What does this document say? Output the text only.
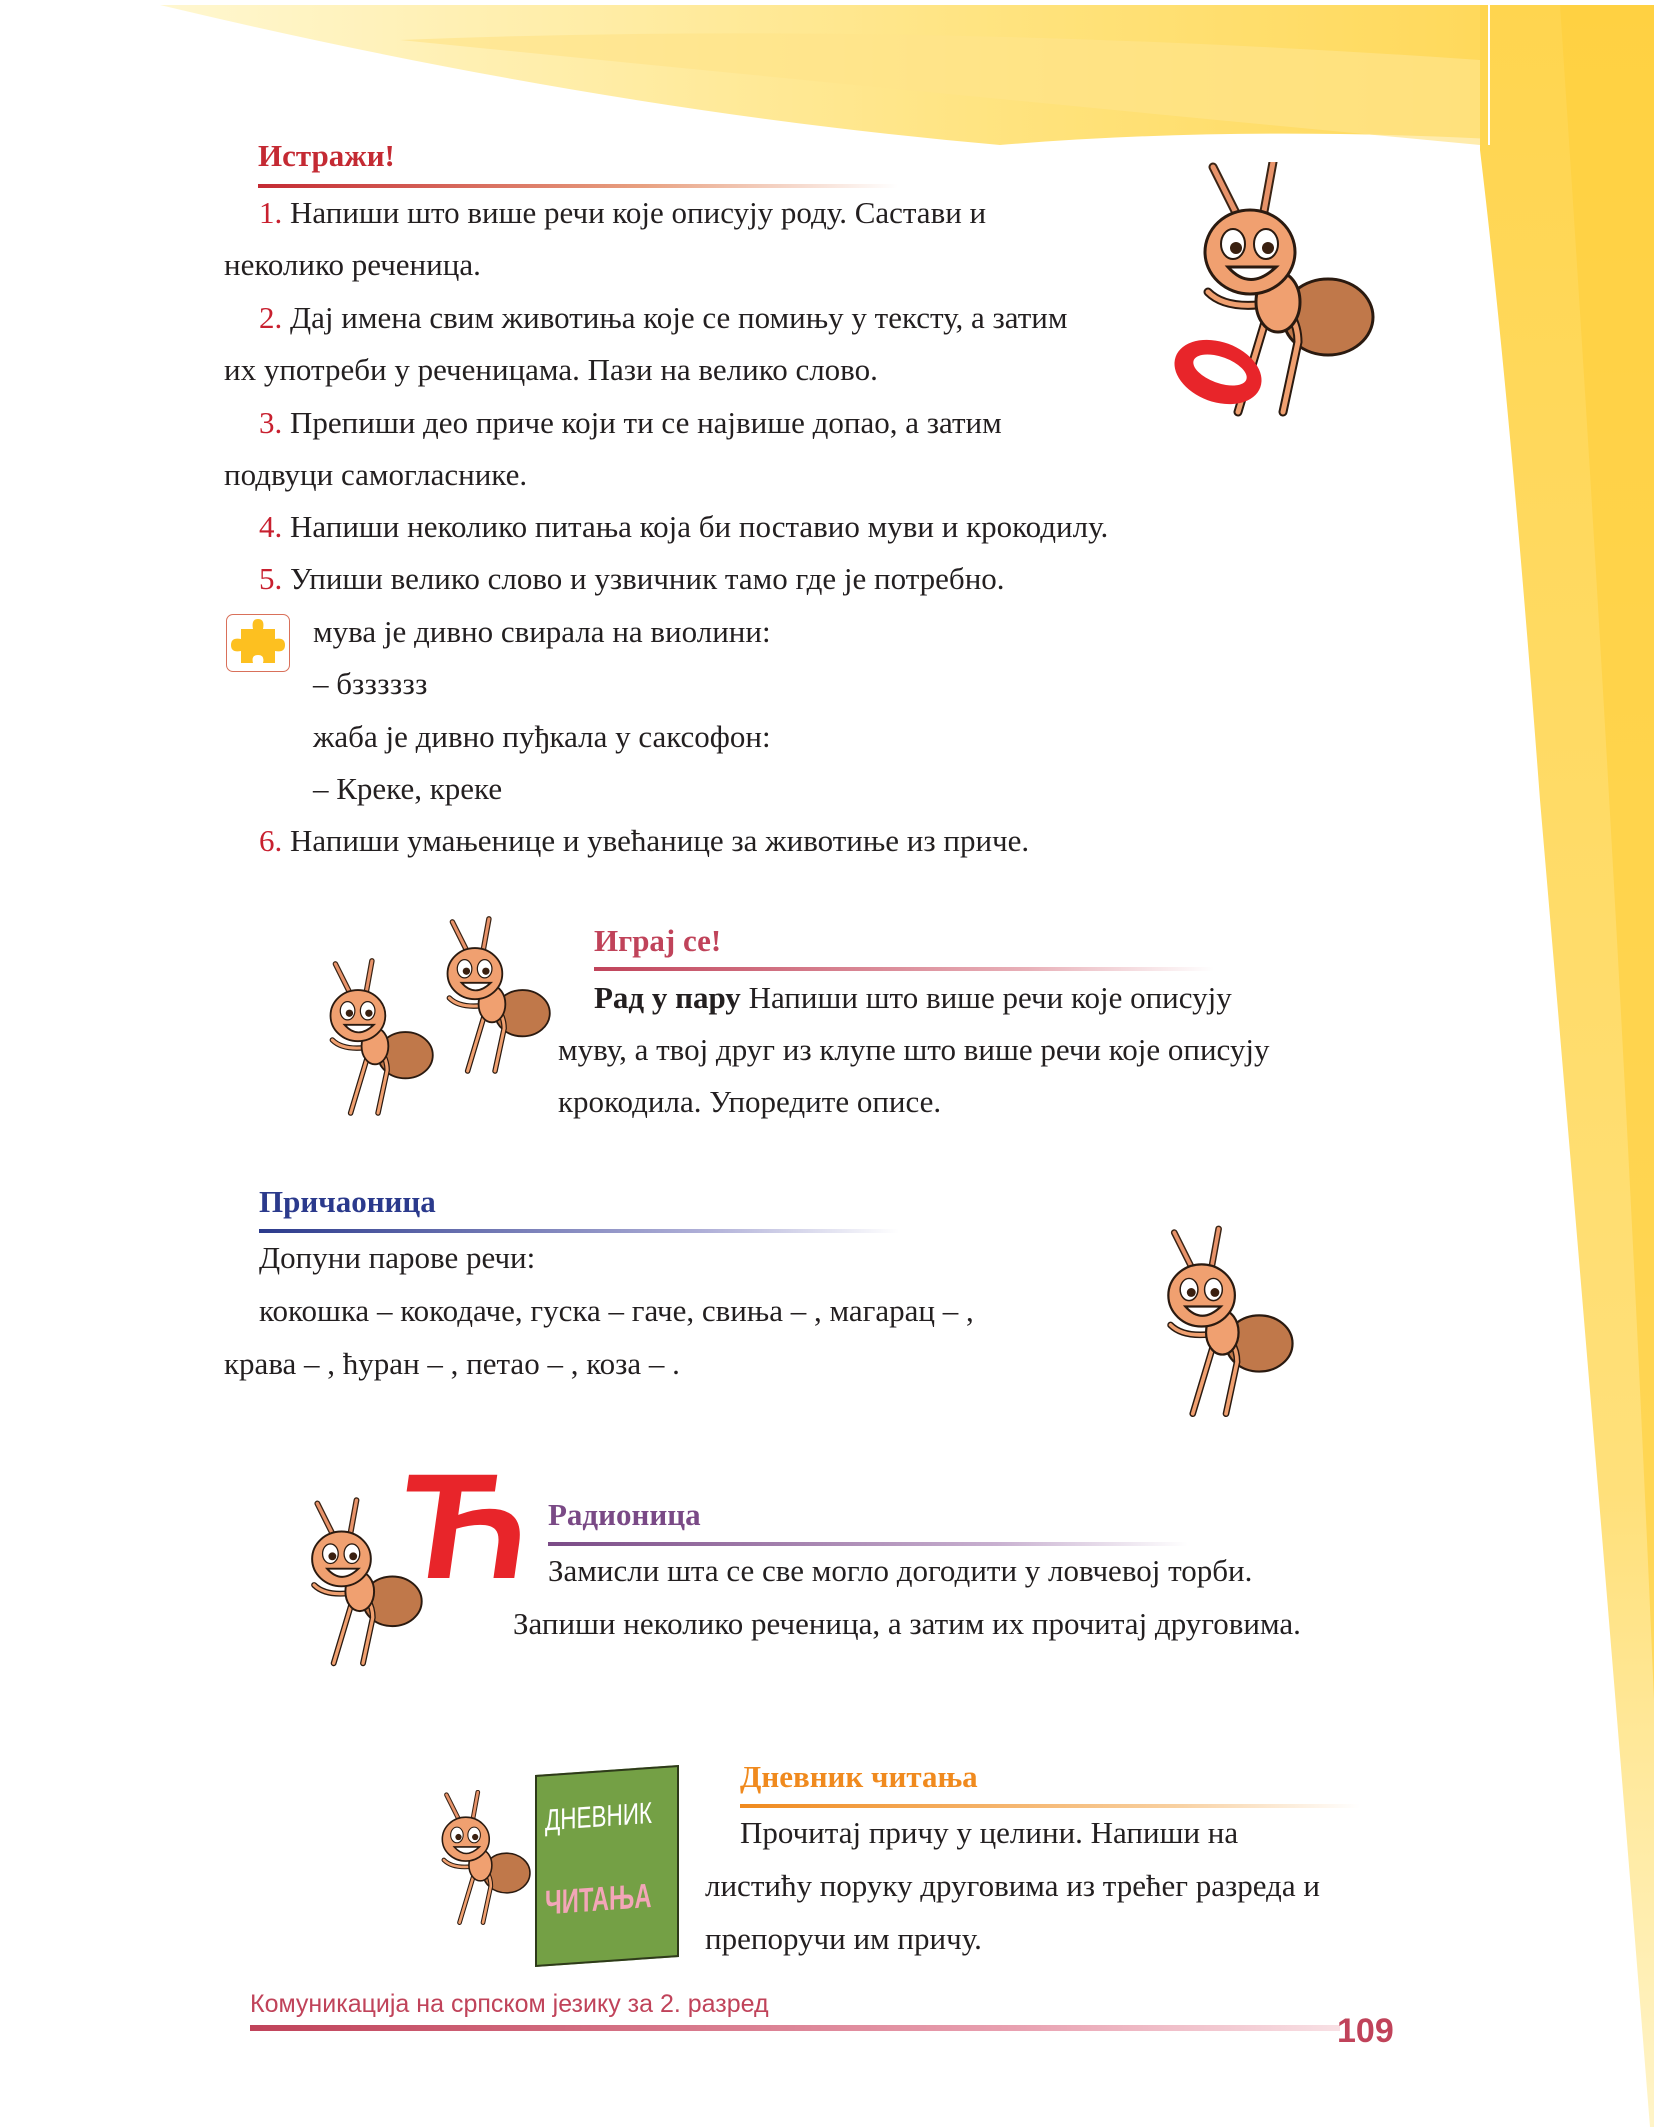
Истражи!
1. Напиши што више речи које описују роду. Састави и
неколико реченица.
2. Дај имена свим животиња које се помињу у тексту, а затим
их употреби у реченицама. Пази на велико слово.
3. Препиши део приче који ти се највише допао, а затим
подвуци самогласнике.
4. Напиши неколико питања која би поставио муви и крокодилу.
5. Упиши велико слово и узвичник тамо где је потребно.
мува је дивно свирала на виолини:
– бзззззз
жаба је дивно пуђкала у саксофон:
– Креке, креке
6. Напиши умањенице и увећанице за животиње из приче.
Играј се!
Рад у пару Напиши што више речи које описују
муву, а твој друг из клупе што више речи које описују
крокодила. Упоредите описе.
Причаоница
Допуни парове речи:
кокошка – кокодаче, гуска – гаче, свиња – , магарац – ,
крава – , ћуран – , петао – , коза – .
Ћ Радионица
Замисли шта се све могло догодити у ловчевој торби.
Запиши неколико реченица, а затим их прочитај друговима.
ДНЕВНИК
ЧИТАЊА
Дневник читања
Прочитај причу у целини. Напиши на
листићу поруку друговима из трећег разреда и
препоручи им причу.
Комуникација на српском језику за 2. разред
109
